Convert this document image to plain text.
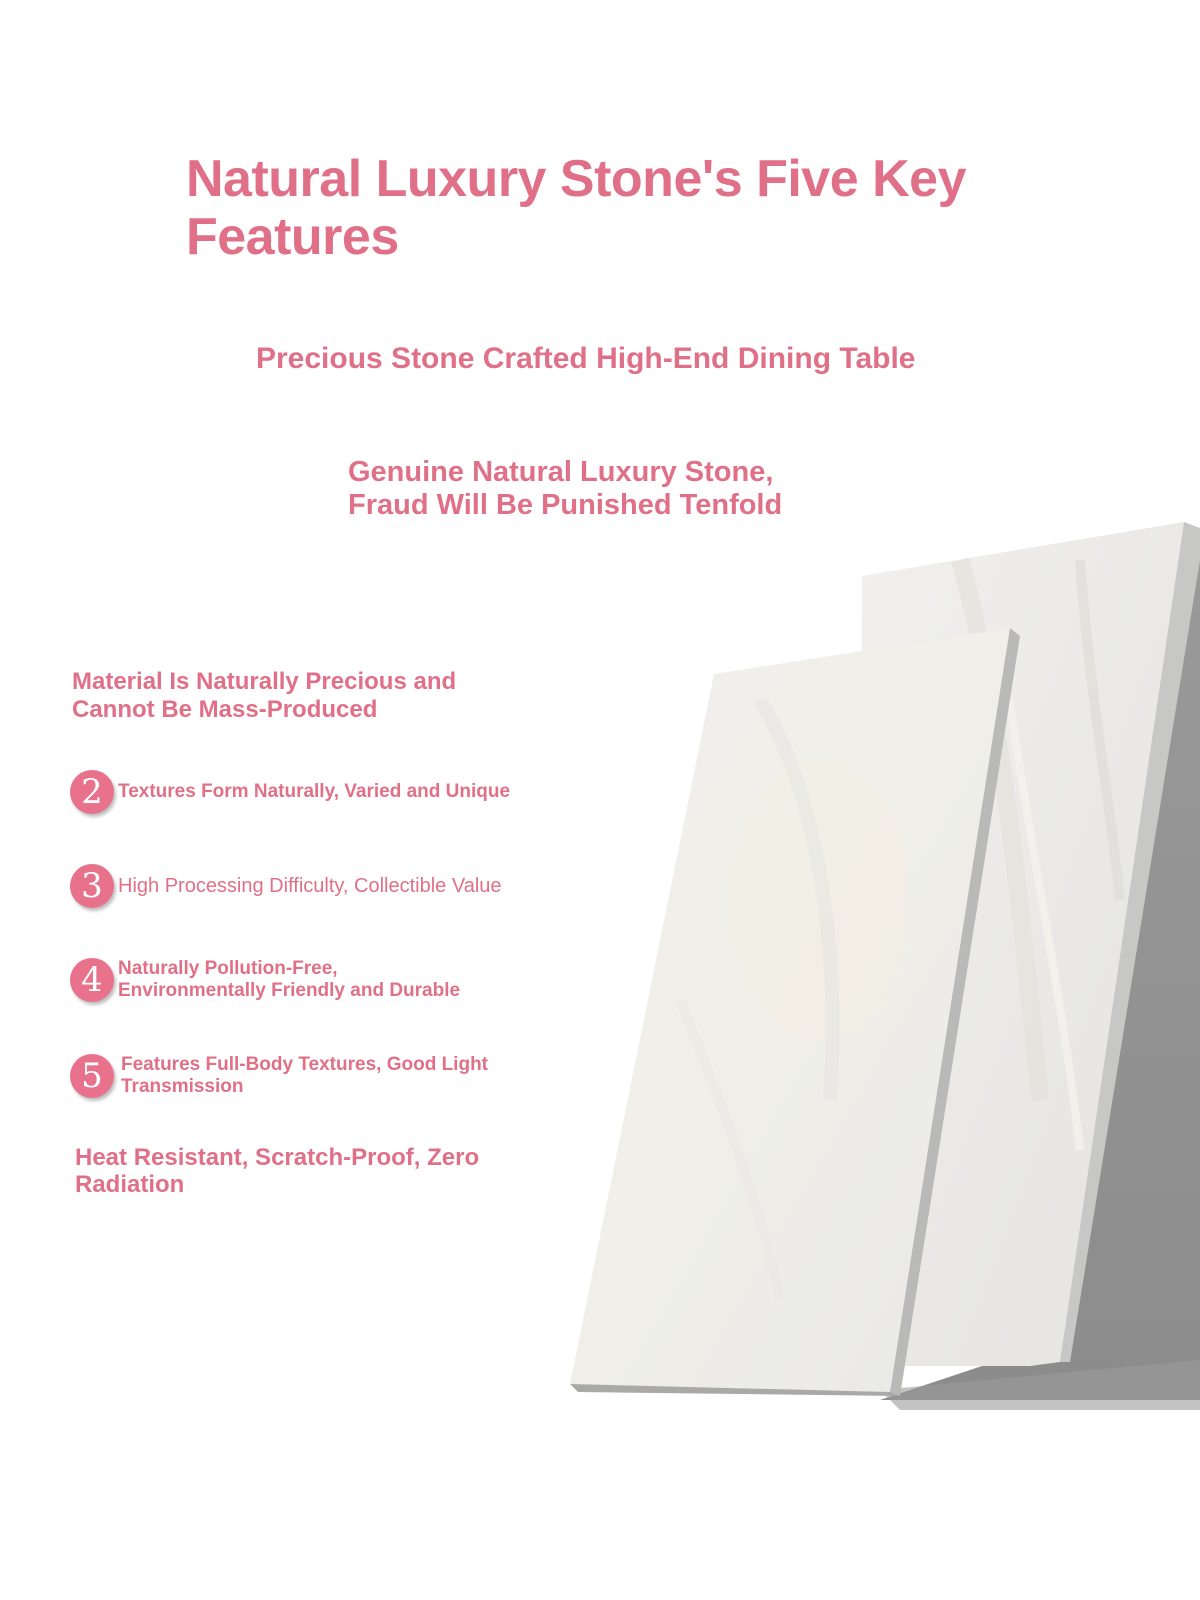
Natural Luxury Stone's Five Key Features
Precious Stone Crafted High-End Dining Table
Genuine Natural Luxury Stone,
Fraud Will Be Punished Tenfold
Material Is Naturally Precious and
Cannot Be Mass-Produced
2 Textures Form Naturally, Varied and Unique
3 High Processing Difficulty, Collectible Value
4 Naturally Pollution-Free,
Environmentally Friendly and Durable
5 Features Full-Body Textures, Good Light
Transmission
Heat Resistant, Scratch-Proof, Zero
Radiation
